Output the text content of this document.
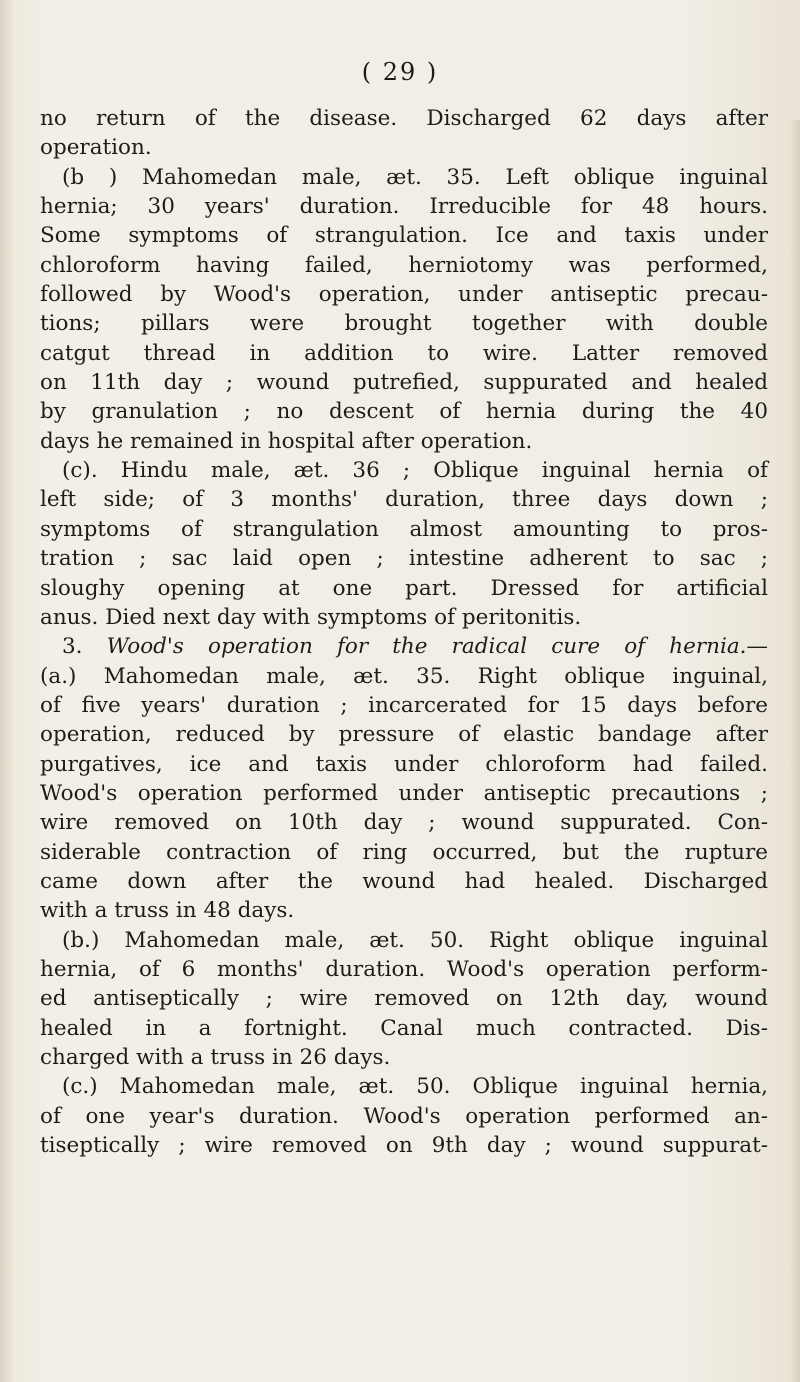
( 29 )
no return of the disease. Discharged 62 days after
operation.
(b ) Mahomedan male, æt. 35. Left oblique inguinal
hernia; 30 years' duration. Irreducible for 48 hours.
Some symptoms of strangulation. Ice and taxis under
chloroform having failed, herniotomy was performed,
followed by Wood's operation, under antiseptic precau-
tions; pillars were brought together with double
catgut thread in addition to wire. Latter removed
on 11th day ; wound putrefied, suppurated and healed
by granulation ; no descent of hernia during the 40
days he remained in hospital after operation.
(c). Hindu male, æt. 36 ; Oblique inguinal hernia of
left side; of 3 months' duration, three days down ;
symptoms of strangulation almost amounting to pros-
tration ; sac laid open ; intestine adherent to sac ;
sloughy opening at one part. Dressed for artificial
anus. Died next day with symptoms of peritonitis.
3. Wood's operation for the radical cure of hernia.—
(a.) Mahomedan male, æt. 35. Right oblique inguinal,
of five years' duration ; incarcerated for 15 days before
operation, reduced by pressure of elastic bandage after
purgatives, ice and taxis under chloroform had failed.
Wood's operation performed under antiseptic precautions ;
wire removed on 10th day ; wound suppurated. Con-
siderable contraction of ring occurred, but the rupture
came down after the wound had healed. Discharged
with a truss in 48 days.
(b.) Mahomedan male, æt. 50. Right oblique inguinal
hernia, of 6 months' duration. Wood's operation perform-
ed antiseptically ; wire removed on 12th day, wound
healed in a fortnight. Canal much contracted. Dis-
charged with a truss in 26 days.
(c.) Mahomedan male, æt. 50. Oblique inguinal hernia,
of one year's duration. Wood's operation performed an-
tiseptically ; wire removed on 9th day ; wound suppurat-
